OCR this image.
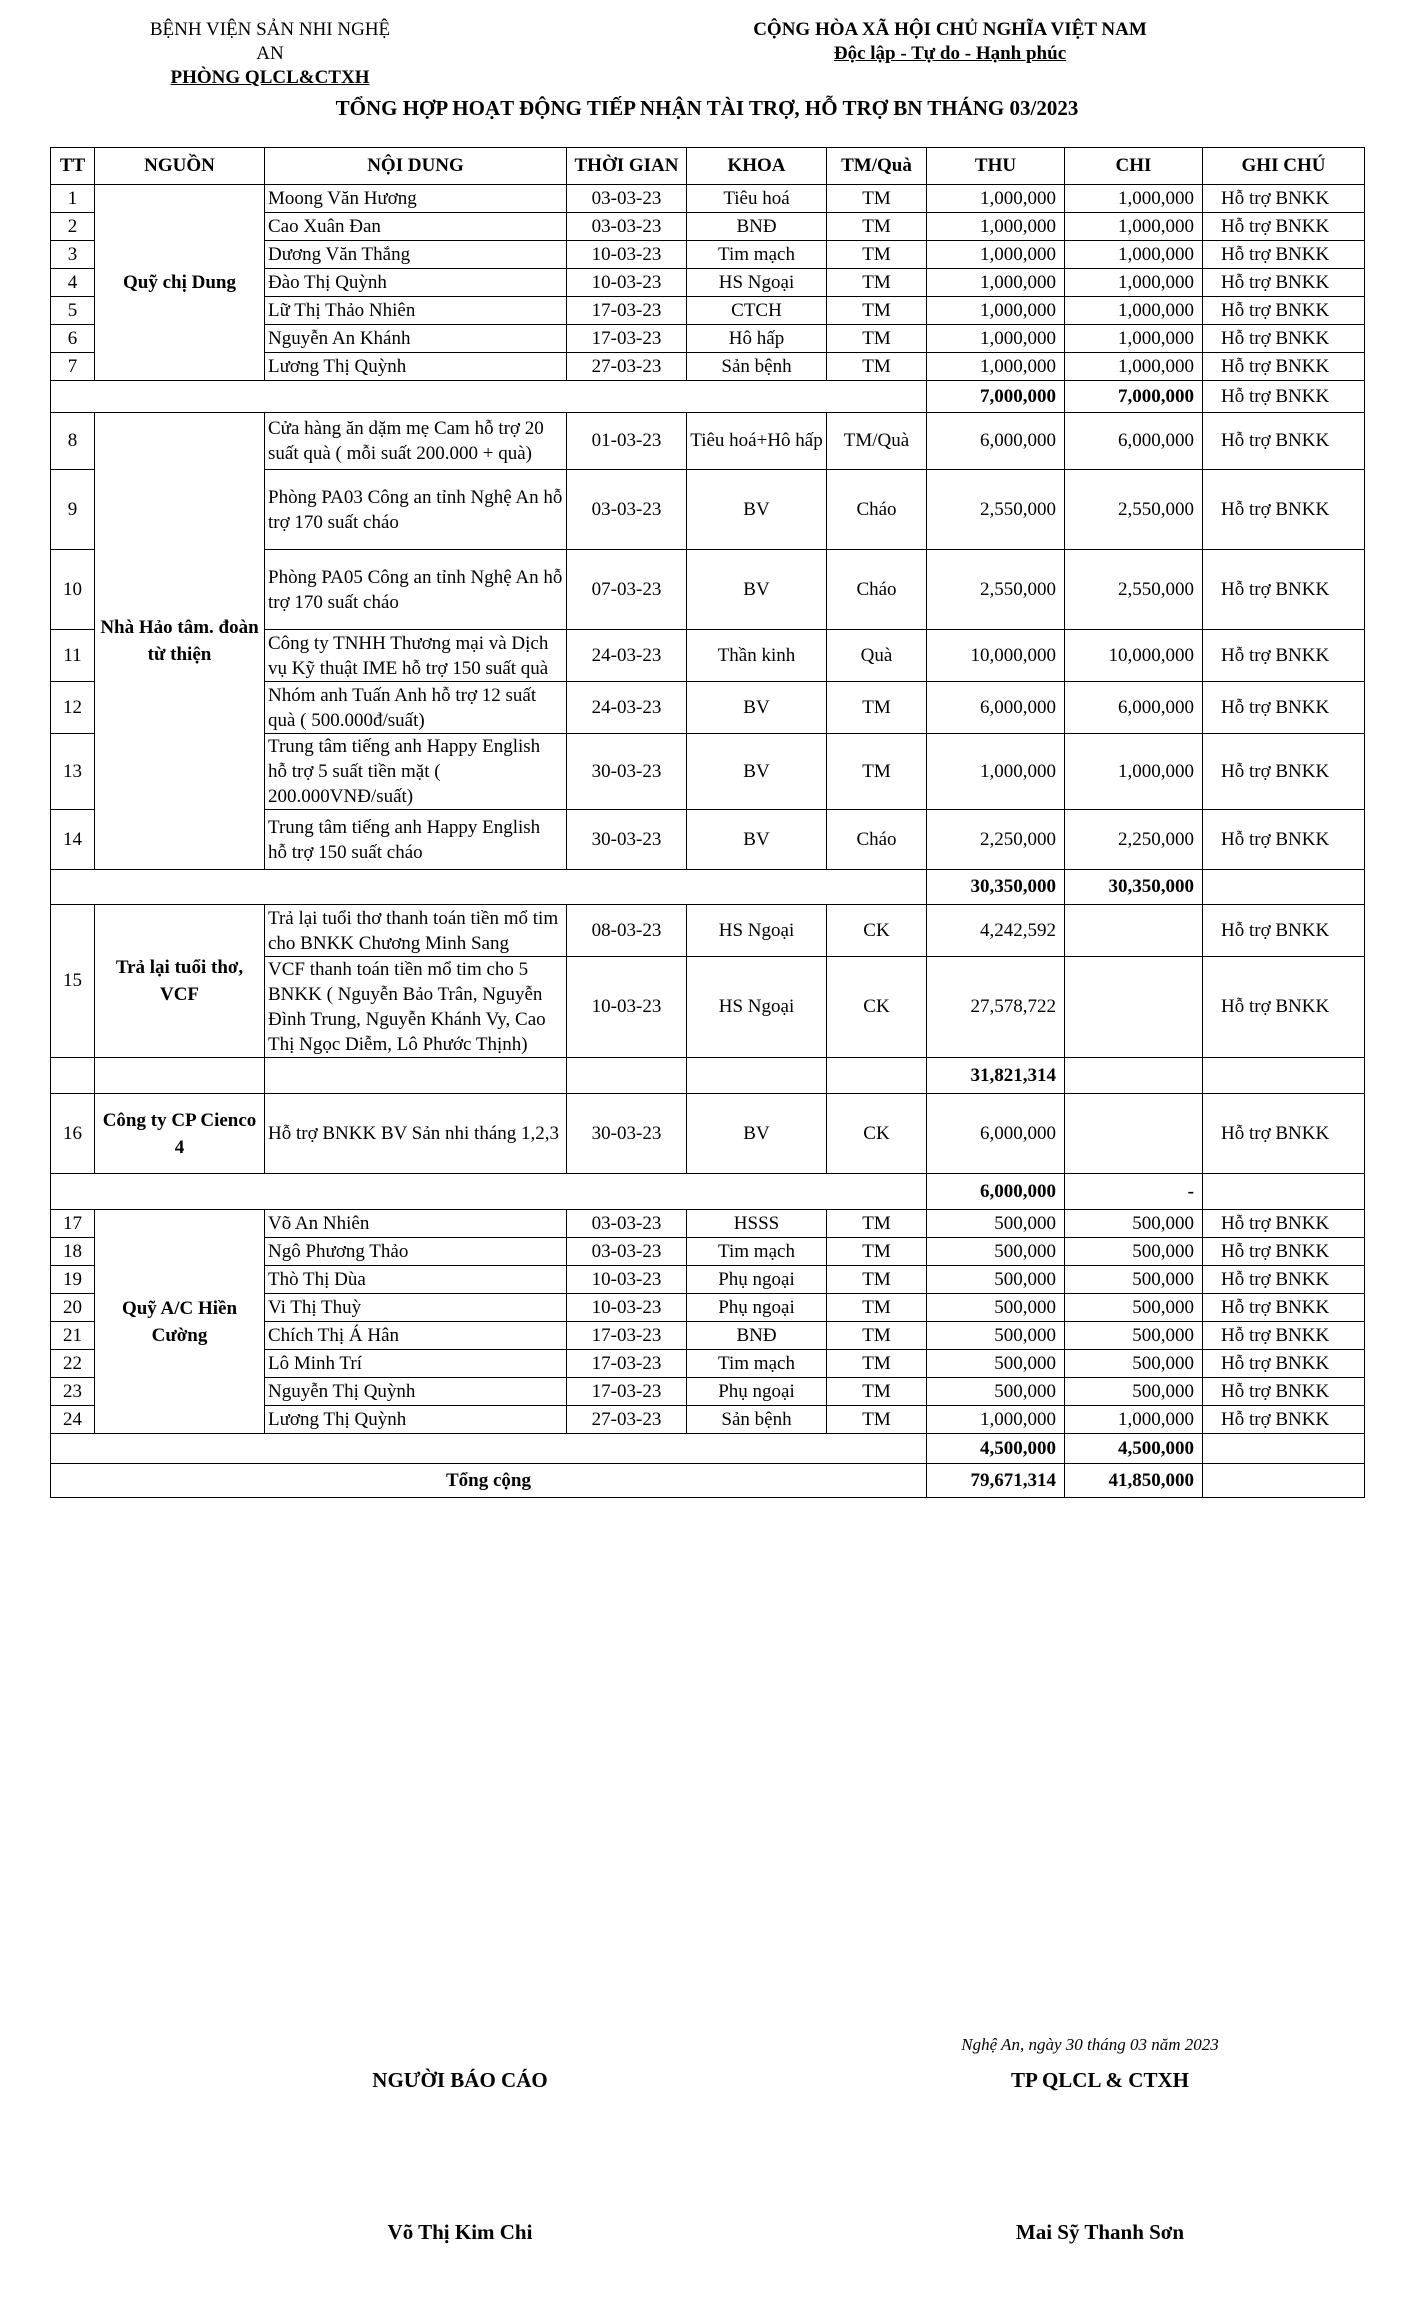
BỆNH VIỆN SẢN NHI NGHỆ AN
PHÒNG QLCL&CTXH
CỘNG HÒA XÃ HỘI CHỦ NGHĨA VIỆT NAM
Độc lập - Tự do - Hạnh phúc
TỔNG HỢP HOẠT ĐỘNG TIẾP NHẬN TÀI TRỢ, HỖ TRỢ BN THÁNG 03/2023
TT	NGUỒN	NỘI DUNG	THỜI GIAN	KHOA	TM/Quà	THU	CHI	GHI CHÚ
1	Quỹ chị Dung	Moong Văn Hương	03-03-23	Tiêu hoá	TM	1,000,000	1,000,000	Hỗ trợ BNKK
2		Cao Xuân Đan	03-03-23	BNĐ	TM	1,000,000	1,000,000	Hỗ trợ BNKK
3		Dương Văn Thắng	10-03-23	Tim mạch	TM	1,000,000	1,000,000	Hỗ trợ BNKK
4		Đào Thị Quỳnh	10-03-23	HS Ngoại	TM	1,000,000	1,000,000	Hỗ trợ BNKK
5		Lữ Thị Thảo Nhiên	17-03-23	CTCH	TM	1,000,000	1,000,000	Hỗ trợ BNKK
6		Nguyễn An Khánh	17-03-23	Hô hấp	TM	1,000,000	1,000,000	Hỗ trợ BNKK
7		Lương Thị Quỳnh	27-03-23	Sản bệnh	TM	1,000,000	1,000,000	Hỗ trợ BNKK
						7,000,000	7,000,000	Hỗ trợ BNKK
8	Nhà Hảo tâm. đoàn từ thiện	Cửa hàng ăn dặm mẹ Cam hỗ trợ 20 suất quà ( mỗi suất 200.000 + quà)	01-03-23	Tiêu hoá+Hô hấp	TM/Quà	6,000,000	6,000,000	Hỗ trợ BNKK
9		Phòng PA03 Công an tỉnh Nghệ An hỗ trợ 170 suất cháo	03-03-23	BV	Cháo	2,550,000	2,550,000	Hỗ trợ BNKK
10		Phòng PA05 Công an tỉnh Nghệ An hỗ trợ 170 suất cháo	07-03-23	BV	Cháo	2,550,000	2,550,000	Hỗ trợ BNKK
11		Công ty TNHH Thương mại và Dịch vụ Kỹ thuật IME hỗ trợ 150 suất quà	24-03-23	Thần kinh	Quà	10,000,000	10,000,000	Hỗ trợ BNKK
12		Nhóm anh Tuấn Anh hỗ trợ 12 suất quà ( 500.000đ/suất)	24-03-23	BV	TM	6,000,000	6,000,000	Hỗ trợ BNKK
13		Trung tâm tiếng anh Happy English hỗ trợ 5 suất tiền mặt ( 200.000VNĐ/suất)	30-03-23	BV	TM	1,000,000	1,000,000	Hỗ trợ BNKK
14		Trung tâm tiếng anh Happy English hỗ trợ 150 suất cháo	30-03-23	BV	Cháo	2,250,000	2,250,000	Hỗ trợ BNKK
						30,350,000	30,350,000	
15	Trả lại tuổi thơ, VCF	Trả lại tuổi thơ thanh toán tiền mổ tim cho BNKK Chương Minh Sang	08-03-23	HS Ngoại	CK	4,242,592		Hỗ trợ BNKK
		VCF thanh toán tiền mổ tim cho 5 BNKK ( Nguyễn Bảo Trân, Nguyễn Đình Trung, Nguyễn Khánh Vy, Cao Thị Ngọc Diễm, Lô Phước Thịnh)	10-03-23	HS Ngoại	CK	27,578,722		Hỗ trợ BNKK
						31,821,314		
16	Công ty CP Cienco 4	Hỗ trợ BNKK BV Sản nhi tháng 1,2,3	30-03-23	BV	CK	6,000,000		Hỗ trợ BNKK
						6,000,000	-	
17	Quỹ A/C Hiền Cường	Võ An Nhiên	03-03-23	HSSS	TM	500,000	500,000	Hỗ trợ BNKK
18		Ngô Phương Thảo	03-03-23	Tim mạch	TM	500,000	500,000	Hỗ trợ BNKK
19		Thò Thị Dùa	10-03-23	Phụ ngoại	TM	500,000	500,000	Hỗ trợ BNKK
20		Vi Thị Thuỳ	10-03-23	Phụ ngoại	TM	500,000	500,000	Hỗ trợ BNKK
21		Chích Thị Á Hân	17-03-23	BNĐ	TM	500,000	500,000	Hỗ trợ BNKK
22		Lô Minh Trí	17-03-23	Tim mạch	TM	500,000	500,000	Hỗ trợ BNKK
23		Nguyễn Thị Quỳnh	17-03-23	Phụ ngoại	TM	500,000	500,000	Hỗ trợ BNKK
24		Lương Thị Quỳnh	27-03-23	Sản bệnh	TM	1,000,000	1,000,000	Hỗ trợ BNKK
						4,500,000	4,500,000	
Tổng cộng						79,671,314	41,850,000	
Nghệ An, ngày 30 tháng 03 năm 2023
NGƯỜI BÁO CÁO	TP QLCL & CTXH
Võ Thị Kim Chi	Mai Sỹ Thanh Sơn
